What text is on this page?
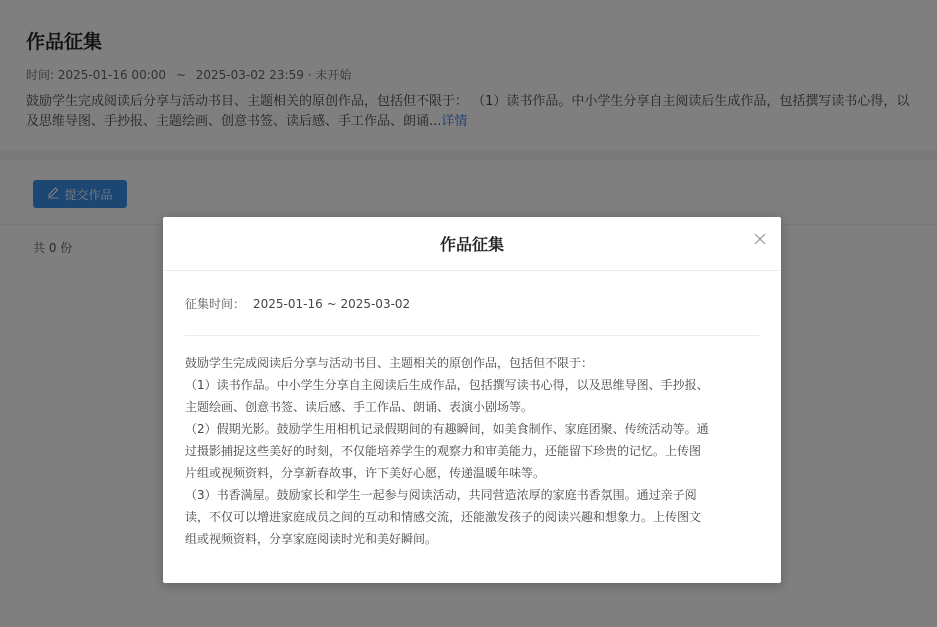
作品征集
征集时间： 2025-01-16 ~ 2025-03-02
鼓励学生完成阅读后分享与活动书目、主题相关的原创作品，包括但不限于：
（1）读书作品。中小学生分享自主阅读后生成作品，包括撰写读书心得，以及思维导图、手抄报、
主题绘画、创意书签、读后感、手工作品、朗诵、表演小剧场等。
（2）假期光影。鼓励学生用相机记录假期间的有趣瞬间，如美食制作、家庭团聚、传统活动等。通
过摄影捕捉这些美好的时刻，不仅能培养学生的观察力和审美能力，还能留下珍贵的记忆。上传图
片组或视频资料，分享新春故事，许下美好心愿，传递温暖年味等。
（3）书香满屋。鼓励家长和学生一起参与阅读活动，共同营造浓厚的家庭书香氛围。通过亲子阅
读，不仅可以增进家庭成员之间的互动和情感交流，还能激发孩子的阅读兴趣和想象力。上传图文
组或视频资料，分享家庭阅读时光和美好瞬间。
